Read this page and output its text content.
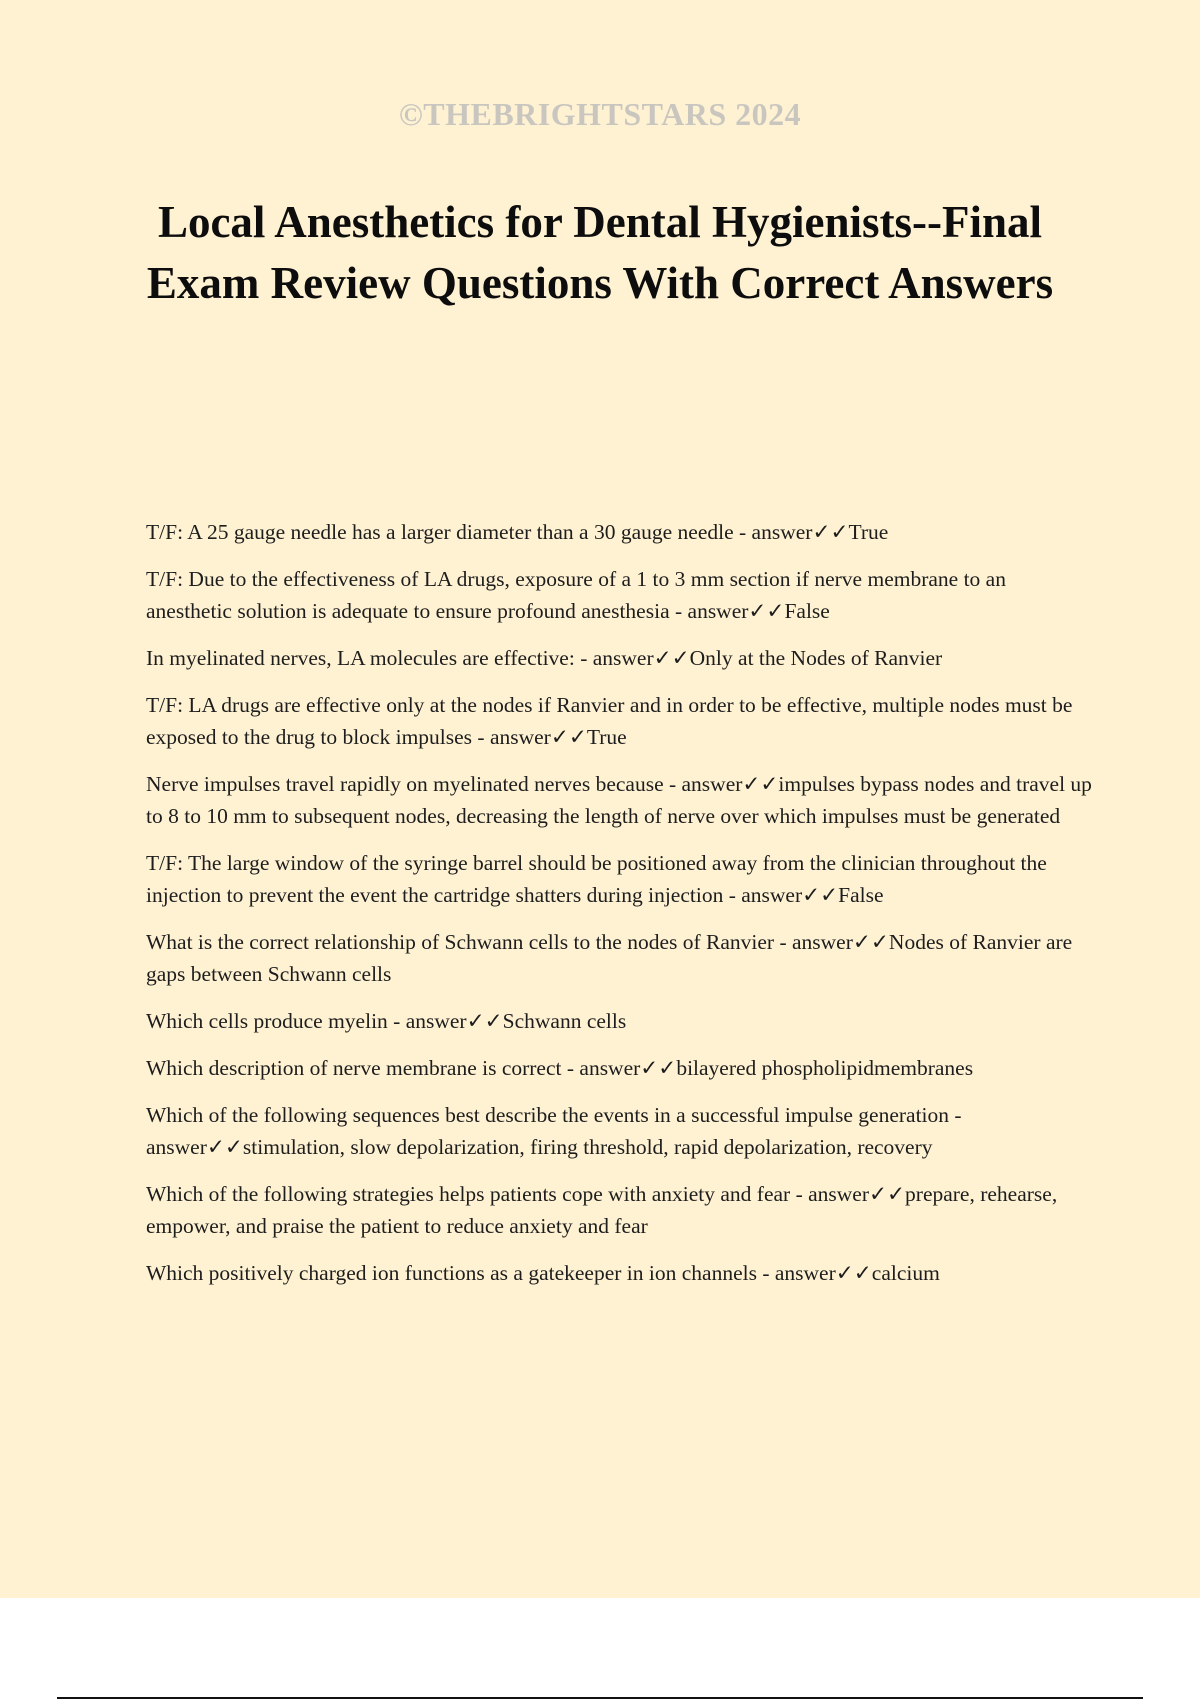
©THEBRIGHTSTARS 2024
Local Anesthetics for Dental Hygienists--Final Exam Review Questions With Correct Answers
T/F: A 25 gauge needle has a larger diameter than a 30 gauge needle - answer✓✓True
T/F: Due to the effectiveness of LA drugs, exposure of a 1 to 3 mm section if nerve membrane to an anesthetic solution is adequate to ensure profound anesthesia - answer✓✓False
In myelinated nerves, LA molecules are effective: - answer✓✓Only at the Nodes of Ranvier
T/F: LA drugs are effective only at the nodes if Ranvier and in order to be effective, multiple nodes must be exposed to the drug to block impulses - answer✓✓True
Nerve impulses travel rapidly on myelinated nerves because - answer✓✓impulses bypass nodes and travel up to 8 to 10 mm to subsequent nodes, decreasing the length of nerve over which impulses must be generated
T/F: The large window of the syringe barrel should be positioned away from the clinician throughout the injection to prevent the event the cartridge shatters during injection - answer✓✓False
What is the correct relationship of Schwann cells to the nodes of Ranvier - answer✓✓Nodes of Ranvier are gaps between Schwann cells
Which cells produce myelin - answer✓✓Schwann cells
Which description of nerve membrane is correct - answer✓✓bilayered phospholipidmembranes
Which of the following sequences best describe the events in a successful impulse generation - answer✓✓stimulation, slow depolarization, firing threshold, rapid depolarization, recovery
Which of the following strategies helps patients cope with anxiety and fear - answer✓✓prepare, rehearse, empower, and praise the patient to reduce anxiety and fear
Which positively charged ion functions as a gatekeeper in ion channels - answer✓✓calcium
